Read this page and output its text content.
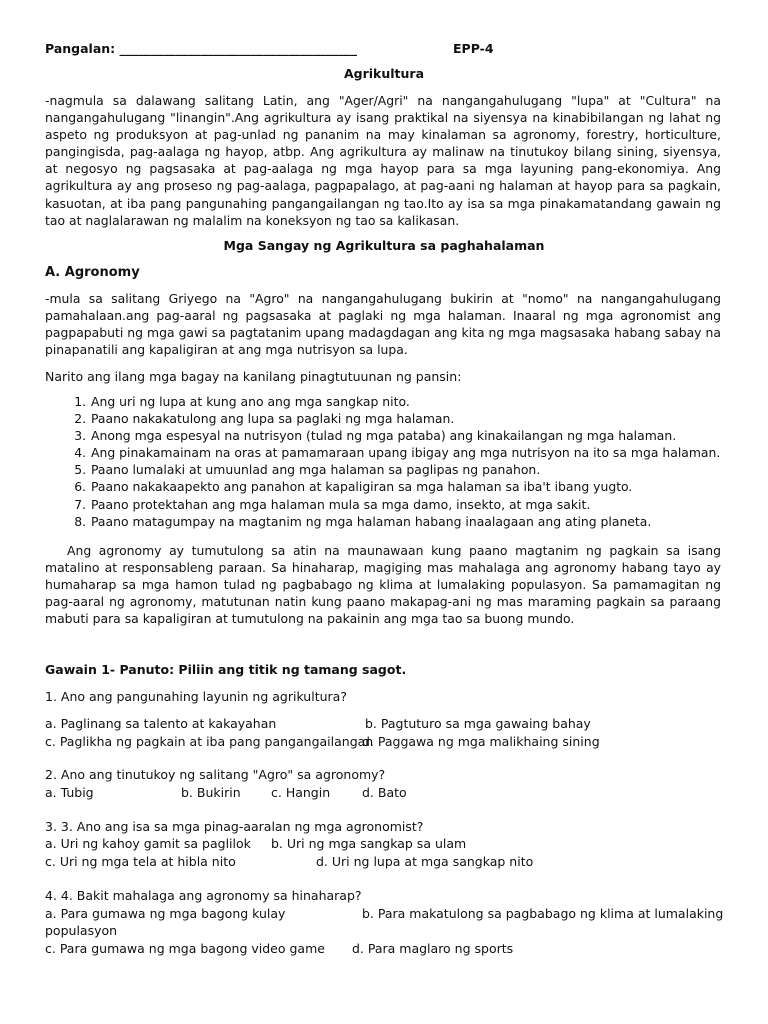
Pangalan: ______________________________________	EPP-4
Agrikultura
-nagmula sa dalawang salitang Latin, ang "Ager/Agri" na nangangahulugang "lupa" at "Cultura" na nangangahulugang "linangin".Ang agrikultura ay isang praktikal na siyensya na kinabibilangan ng lahat ng aspeto ng produksyon at pag-unlad ng pananim na may kinalaman sa agronomy, forestry, horticulture, pangingisda, pag-aalaga ng hayop, atbp. Ang agrikultura ay malinaw na tinutukoy bilang sining, siyensya, at negosyo ng pagsasaka at pag-aalaga ng mga hayop para sa mga layuning pang-ekonomiya. Ang agrikultura ay ang proseso ng pag-aalaga, pagpapalago, at pag-aani ng halaman at hayop para sa pagkain, kasuotan, at iba pang pangunahing pangangailangan ng tao.Ito ay isa sa mga pinakamatandang gawain ng tao at naglalarawan ng malalim na koneksyon ng tao sa kalikasan.
Mga Sangay ng Agrikultura sa paghahalaman
A. Agronomy
-mula sa salitang Griyego na "Agro" na nangangahulugang bukirin at "nomo" na nangangahulugang pamahalaan.ang pag-aaral ng pagsasaka at paglaki ng mga halaman. Inaaral ng mga agronomist ang pagpapabuti ng mga gawi sa pagtatanim upang madagdagan ang kita ng mga magsasaka habang sabay na pinapanatili ang kapaligiran at ang mga nutrisyon sa lupa.
Narito ang ilang mga bagay na kanilang pinagtutuunan ng pansin:
1. Ang uri ng lupa at kung ano ang mga sangkap nito.
2. Paano nakakatulong ang lupa sa paglaki ng mga halaman.
3. Anong mga espesyal na nutrisyon (tulad ng mga pataba) ang kinakailangan ng mga halaman.
4. Ang pinakamainam na oras at pamamaraan upang ibigay ang mga nutrisyon na ito sa mga halaman.
5. Paano lumalaki at umuunlad ang mga halaman sa paglipas ng panahon.
6. Paano nakakaapekto ang panahon at kapaligiran sa mga halaman sa iba't ibang yugto.
7. Paano protektahan ang mga halaman mula sa mga damo, insekto, at mga sakit.
8. Paano matagumpay na magtanim ng mga halaman habang inaalagaan ang ating planeta.
Ang agronomy ay tumutulong sa atin na maunawaan kung paano magtanim ng pagkain sa isang matalino at responsableng paraan. Sa hinaharap, magiging mas mahalaga ang agronomy habang tayo ay humaharap sa mga hamon tulad ng pagbabago ng klima at lumalaking populasyon. Sa pamamagitan ng pag-aaral ng agronomy, matutunan natin kung paano makapag-ani ng mas maraming pagkain sa paraang mabuti para sa kapaligiran at tumutulong na pakainin ang mga tao sa buong mundo.
Gawain 1- Panuto: Piliin ang titik ng tamang sagot.
1. Ano ang pangunahing layunin ng agrikultura?
a. Paglinang sa talento at kakayahan	b. Pagtuturo sa mga gawaing bahay
c. Paglikha ng pagkain at iba pang pangangailangan
d. Paggawa ng mga malikhaing sining
2. Ano ang tinutukoy ng salitang "Agro" sa agronomy?
a. Tubig	b. Bukirin c. Hangin	d. Bato
3. 3. Ano ang isa sa mga pinag-aaralan ng mga agronomist?
a. Uri ng kahoy gamit sa paglilok b. Uri ng mga sangkap sa ulam
c. Uri ng mga tela at hibla nito	d. Uri ng lupa at mga sangkap nito
4. 4. Bakit mahalaga ang agronomy sa hinaharap?
a. Para gumawa ng mga bagong kulay	b. Para makatulong sa pagbabago ng klima at lumalaking
populasyon
c. Para gumawa ng mga bagong video game d. Para maglaro ng sports
